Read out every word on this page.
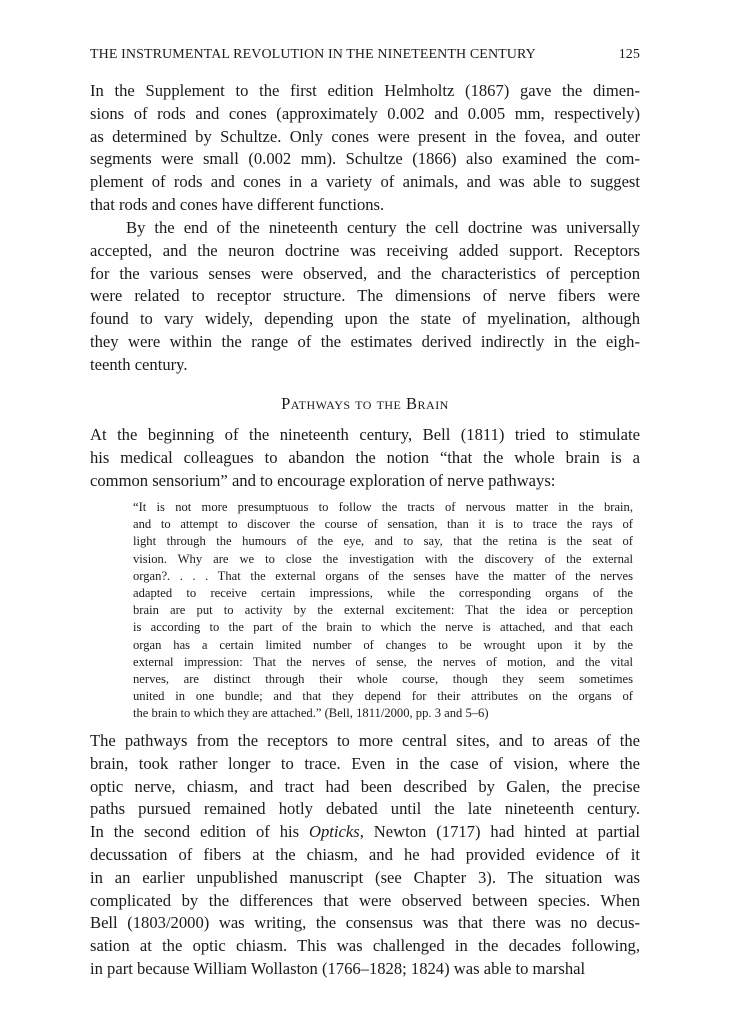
THE INSTRUMENTAL REVOLUTION IN THE NINETEENTH CENTURY	125
In the Supplement to the first edition Helmholtz (1867) gave the dimen-
sions of rods and cones (approximately 0.002 and 0.005 mm, respectively)
as determined by Schultze. Only cones were present in the fovea, and outer
segments were small (0.002 mm). Schultze (1866) also examined the com-
plement of rods and cones in a variety of animals, and was able to suggest
that rods and cones have different functions.
By the end of the nineteenth century the cell doctrine was universally
accepted, and the neuron doctrine was receiving added support. Receptors
for the various senses were observed, and the characteristics of perception
were related to receptor structure. The dimensions of nerve fibers were
found to vary widely, depending upon the state of myelination, although
they were within the range of the estimates derived indirectly in the eigh-
teenth century.
Pathways to the Brain
At the beginning of the nineteenth century, Bell (1811) tried to stimulate
his medical colleagues to abandon the notion “that the whole brain is a
common sensorium” and to encourage exploration of nerve pathways:
“It is not more presumptuous to follow the tracts of nervous matter in the brain,
and to attempt to discover the course of sensation, than it is to trace the rays of
light through the humours of the eye, and to say, that the retina is the seat of
vision. Why are we to close the investigation with the discovery of the external
organ?. . . . That the external organs of the senses have the matter of the nerves
adapted to receive certain impressions, while the corresponding organs of the
brain are put to activity by the external excitement: That the idea or perception
is according to the part of the brain to which the nerve is attached, and that each
organ has a certain limited number of changes to be wrought upon it by the
external impression: That the nerves of sense, the nerves of motion, and the vital
nerves, are distinct through their whole course, though they seem sometimes
united in one bundle; and that they depend for their attributes on the organs of
the brain to which they are attached.” (Bell, 1811/2000, pp. 3 and 5–6)
The pathways from the receptors to more central sites, and to areas of the
brain, took rather longer to trace. Even in the case of vision, where the
optic nerve, chiasm, and tract had been described by Galen, the precise
paths pursued remained hotly debated until the late nineteenth century.
In the second edition of his Opticks, Newton (1717) had hinted at partial
decussation of fibers at the chiasm, and he had provided evidence of it
in an earlier unpublished manuscript (see Chapter 3). The situation was
complicated by the differences that were observed between species. When
Bell (1803/2000) was writing, the consensus was that there was no decus-
sation at the optic chiasm. This was challenged in the decades following,
in part because William Wollaston (1766–1828; 1824) was able to marshal
